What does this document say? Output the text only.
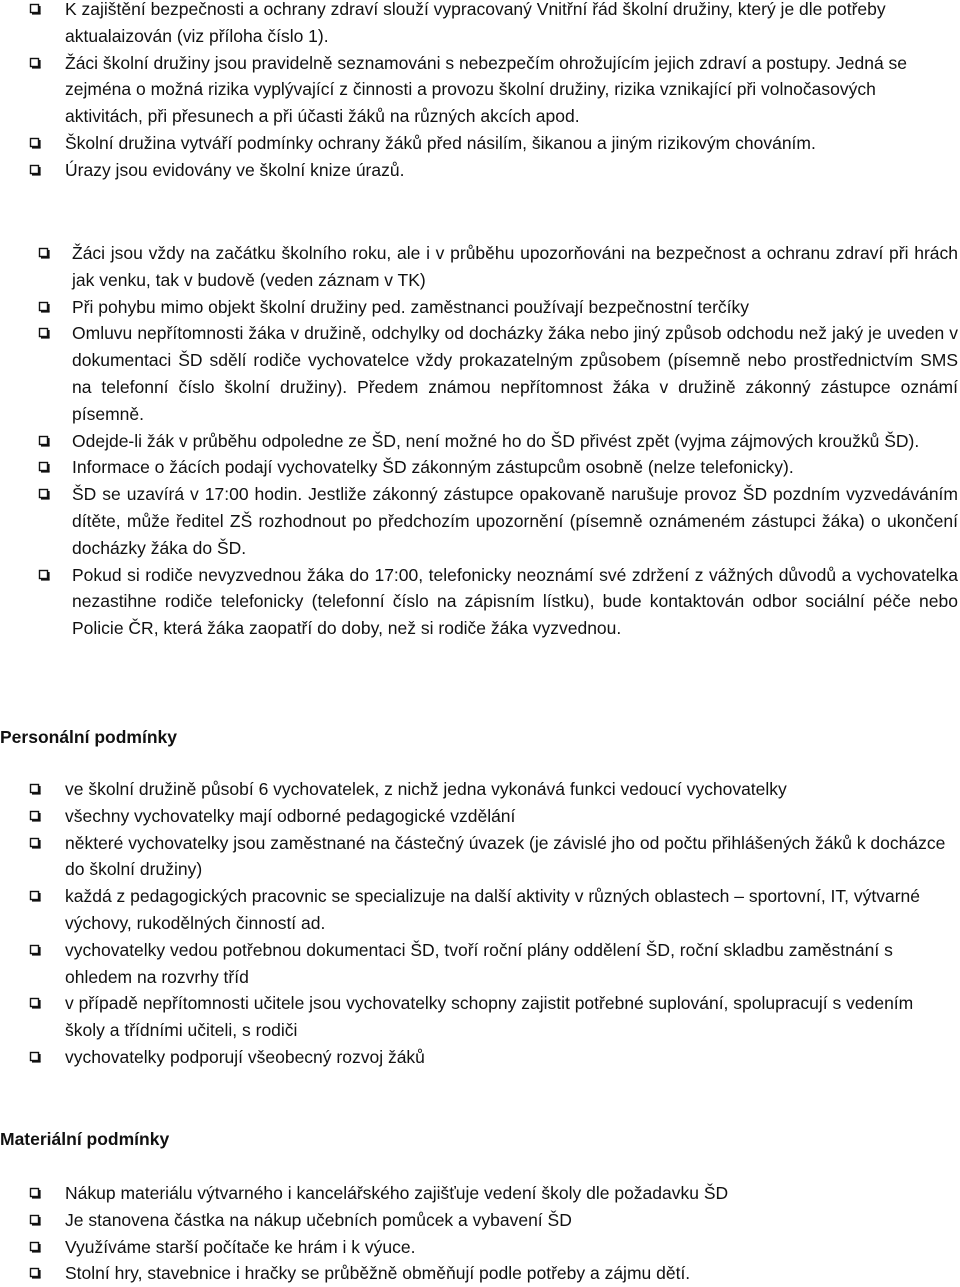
K zajištění bezpečnosti a ochrany zdraví slouží vypracovaný Vnitřní řád školní družiny, který je dle potřeby aktualaizován (viz příloha číslo 1).
Žáci školní družiny jsou pravidelně seznamováni s nebezpečím ohrožujícím jejich zdraví a postupy. Jedná se zejména o možná rizika vyplývající z činnosti a provozu školní družiny, rizika vznikající při volnočasových aktivitách, při přesunech a při účasti žáků na různých akcích apod.
Školní družina vytváří podmínky ochrany žáků před násilím, šikanou a jiným rizikovým chováním.
Úrazy jsou evidovány ve školní knize úrazů.
Žáci jsou vždy na začátku školního roku, ale i v průběhu upozorňováni na bezpečnost a ochranu zdraví při hrách jak venku, tak v budově (veden záznam v TK)
Při pohybu mimo objekt školní družiny ped. zaměstnanci používají bezpečnostní terčíky
Omluvu nepřítomnosti žáka v družině, odchylky od docházky žáka nebo jiný způsob odchodu než jaký je uveden v dokumentaci ŠD sdělí rodiče vychovatelce vždy prokazatelným způsobem (písemně nebo prostřednictvím SMS na telefonní číslo školní družiny). Předem známou nepřítomnost žáka v družině zákonný zástupce oznámí písemně.
Odejde-li žák v průběhu odpoledne ze ŠD, není možné ho do ŠD přivést zpět (vyjma zájmových kroužků ŠD).
Informace o žácích podají vychovatelky ŠD zákonným zástupcům osobně (nelze telefonicky).
ŠD se uzavírá v 17:00 hodin. Jestliže zákonný zástupce opakovaně narušuje provoz ŠD pozdním vyzvedáváním dítěte, může ředitel ZŠ rozhodnout po předchozím upozornění (písemně oznámeném zástupci žáka) o ukončení docházky žáka do ŠD.
Pokud si rodiče nevyzvednou žáka do 17:00, telefonicky neoznámí své zdržení z vážných důvodů a vychovatelka nezastihne rodiče telefonicky (telefonní číslo na zápisním lístku), bude kontaktován odbor sociální péče nebo Policie ČR, která žáka zaopatří do doby, než si rodiče žáka vyzvednou.
Personální podmínky
ve školní družině působí 6 vychovatelek, z nichž jedna vykonává funkci vedoucí vychovatelky
všechny vychovatelky mají odborné pedagogické vzdělání
některé vychovatelky jsou zaměstnané na částečný úvazek (je závislé jho od počtu přihlášených žáků k docházce do školní družiny)
každá z pedagogických pracovnic se specializuje na další aktivity v různých oblastech – sportovní, IT, výtvarné výchovy, rukodělných činností ad.
vychovatelky vedou potřebnou dokumentaci ŠD, tvoří roční plány oddělení ŠD, roční skladbu zaměstnání s ohledem na rozvrhy tříd
v případě nepřítomnosti učitele jsou vychovatelky schopny zajistit potřebné suplování, spolupracují s vedením školy a třídními učiteli, s rodiči
vychovatelky podporují všeobecný rozvoj žáků
Materiální podmínky
Nákup materiálu výtvarného i kancelářského zajišťuje vedení školy dle požadavku ŠD
Je stanovena částka na nákup učebních pomůcek a vybavení ŠD
Využíváme starší počítače ke hrám i k výuce.
Stolní hry, stavebnice i hračky se průběžně obměňují podle potřeby a zájmu dětí.
